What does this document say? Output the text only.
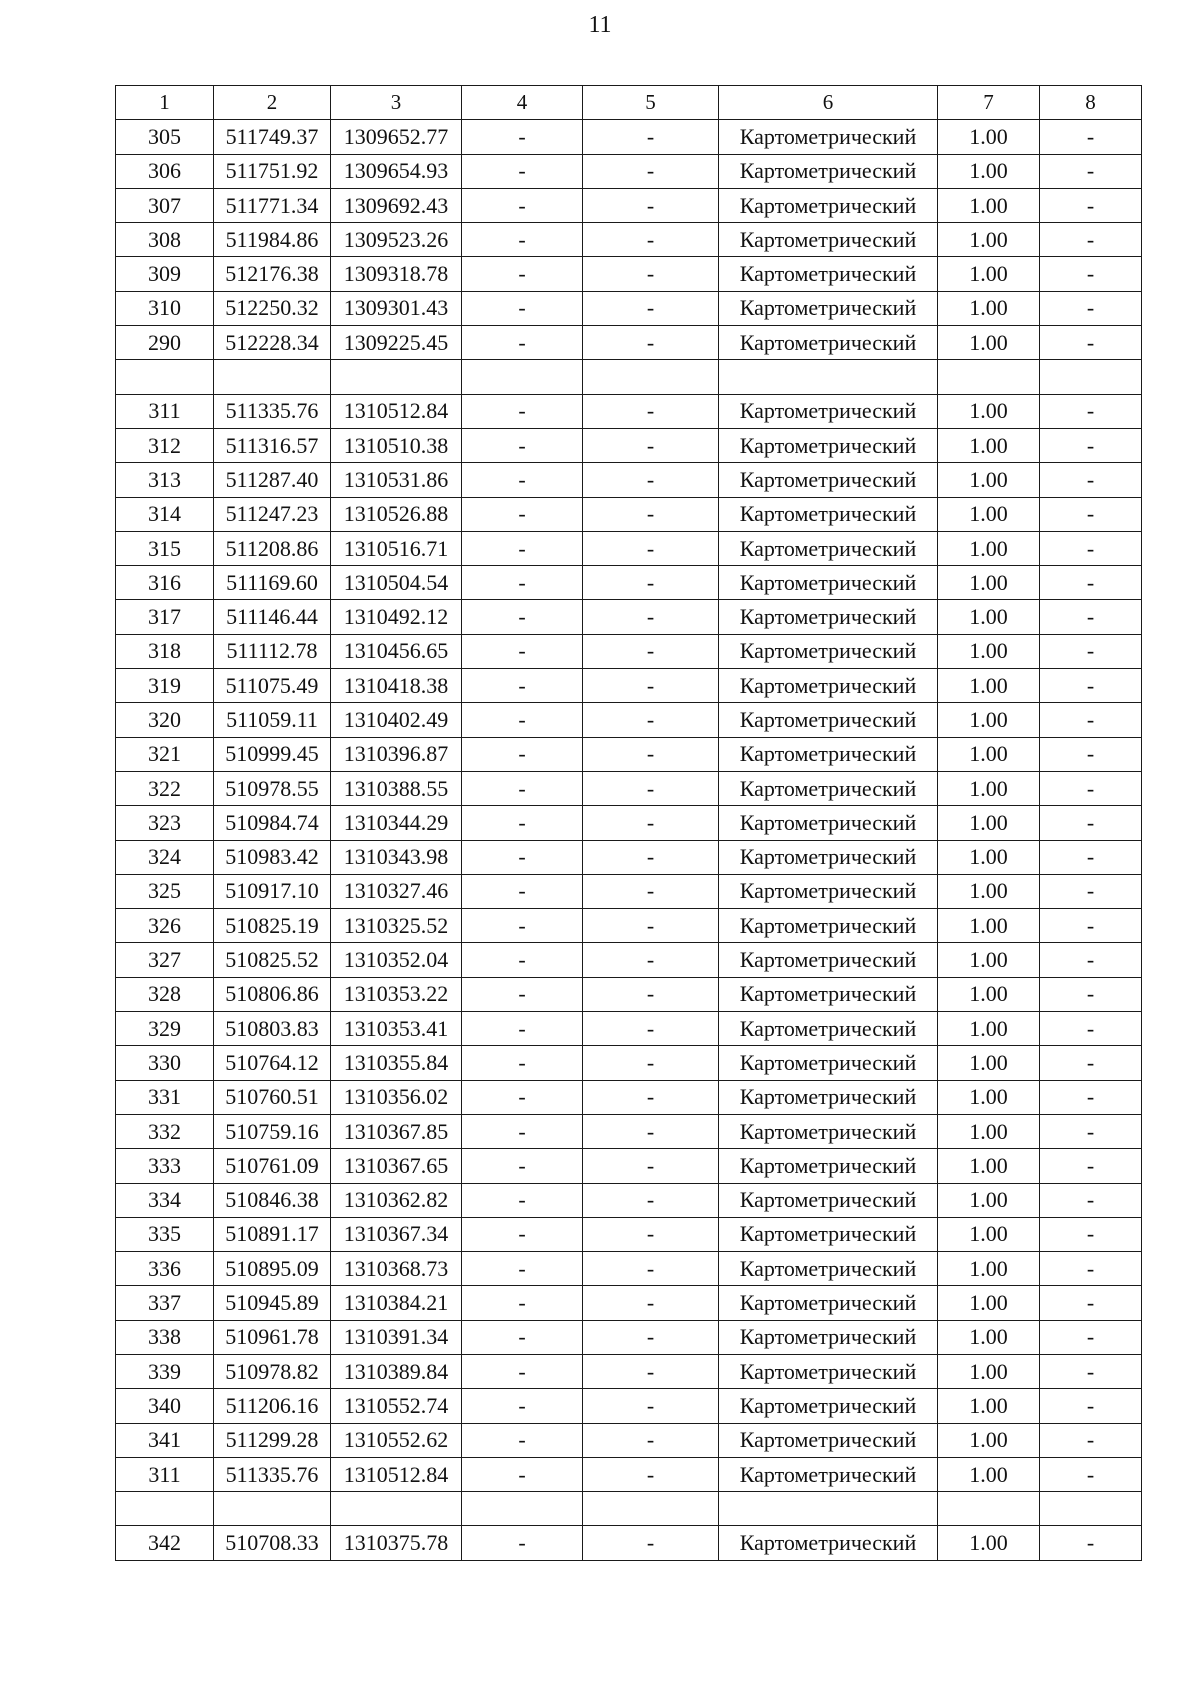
11
1	2	3	4	5	6	7	8
305	511749.37	1309652.77	-	-	Картометрический	1.00	-
306	511751.92	1309654.93	-	-	Картометрический	1.00	-
307	511771.34	1309692.43	-	-	Картометрический	1.00	-
308	511984.86	1309523.26	-	-	Картометрический	1.00	-
309	512176.38	1309318.78	-	-	Картометрический	1.00	-
310	512250.32	1309301.43	-	-	Картометрический	1.00	-
290	512228.34	1309225.45	-	-	Картометрический	1.00	-

311	511335.76	1310512.84	-	-	Картометрический	1.00	-
312	511316.57	1310510.38	-	-	Картометрический	1.00	-
313	511287.40	1310531.86	-	-	Картометрический	1.00	-
314	511247.23	1310526.88	-	-	Картометрический	1.00	-
315	511208.86	1310516.71	-	-	Картометрический	1.00	-
316	511169.60	1310504.54	-	-	Картометрический	1.00	-
317	511146.44	1310492.12	-	-	Картометрический	1.00	-
318	511112.78	1310456.65	-	-	Картометрический	1.00	-
319	511075.49	1310418.38	-	-	Картометрический	1.00	-
320	511059.11	1310402.49	-	-	Картометрический	1.00	-
321	510999.45	1310396.87	-	-	Картометрический	1.00	-
322	510978.55	1310388.55	-	-	Картометрический	1.00	-
323	510984.74	1310344.29	-	-	Картометрический	1.00	-
324	510983.42	1310343.98	-	-	Картометрический	1.00	-
325	510917.10	1310327.46	-	-	Картометрический	1.00	-
326	510825.19	1310325.52	-	-	Картометрический	1.00	-
327	510825.52	1310352.04	-	-	Картометрический	1.00	-
328	510806.86	1310353.22	-	-	Картометрический	1.00	-
329	510803.83	1310353.41	-	-	Картометрический	1.00	-
330	510764.12	1310355.84	-	-	Картометрический	1.00	-
331	510760.51	1310356.02	-	-	Картометрический	1.00	-
332	510759.16	1310367.85	-	-	Картометрический	1.00	-
333	510761.09	1310367.65	-	-	Картометрический	1.00	-
334	510846.38	1310362.82	-	-	Картометрический	1.00	-
335	510891.17	1310367.34	-	-	Картометрический	1.00	-
336	510895.09	1310368.73	-	-	Картометрический	1.00	-
337	510945.89	1310384.21	-	-	Картометрический	1.00	-
338	510961.78	1310391.34	-	-	Картометрический	1.00	-
339	510978.82	1310389.84	-	-	Картометрический	1.00	-
340	511206.16	1310552.74	-	-	Картометрический	1.00	-
341	511299.28	1310552.62	-	-	Картометрический	1.00	-
311	511335.76	1310512.84	-	-	Картометрический	1.00	-

342	510708.33	1310375.78	-	-	Картометрический	1.00	-
